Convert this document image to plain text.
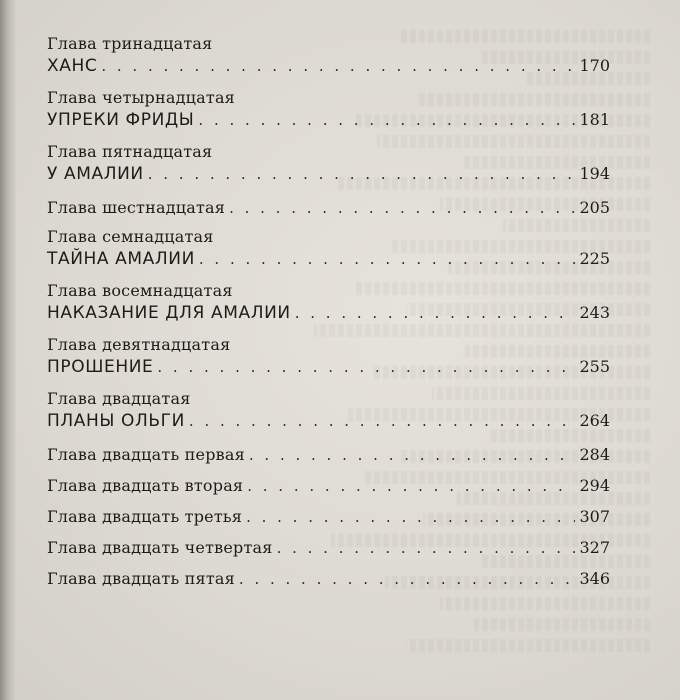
Глава тринадцатая
ХАНС . . .	170
Глава четырнадцатая
УПРЕКИ ФРИДЫ . . .	181
Глава пятнадцатая
У АМАЛИИ . . .	194
Глава шестнадцатая . . .	205
Глава семнадцатая
ТАЙНА АМАЛИИ . . .	225
Глава восемнадцатая
НАКАЗАНИЕ ДЛЯ АМАЛИИ . . .	243
Глава девятнадцатая
ПРОШЕНИЕ . . .	255
Глава двадцатая
ПЛАНЫ ОЛЬГИ . . .	264
Глава двадцать первая . . .	284
Глава двадцать вторая . . .	294
Глава двадцать третья . . .	307
Глава двадцать четвертая . . .	327
Глава двадцать пятая . . .	346
